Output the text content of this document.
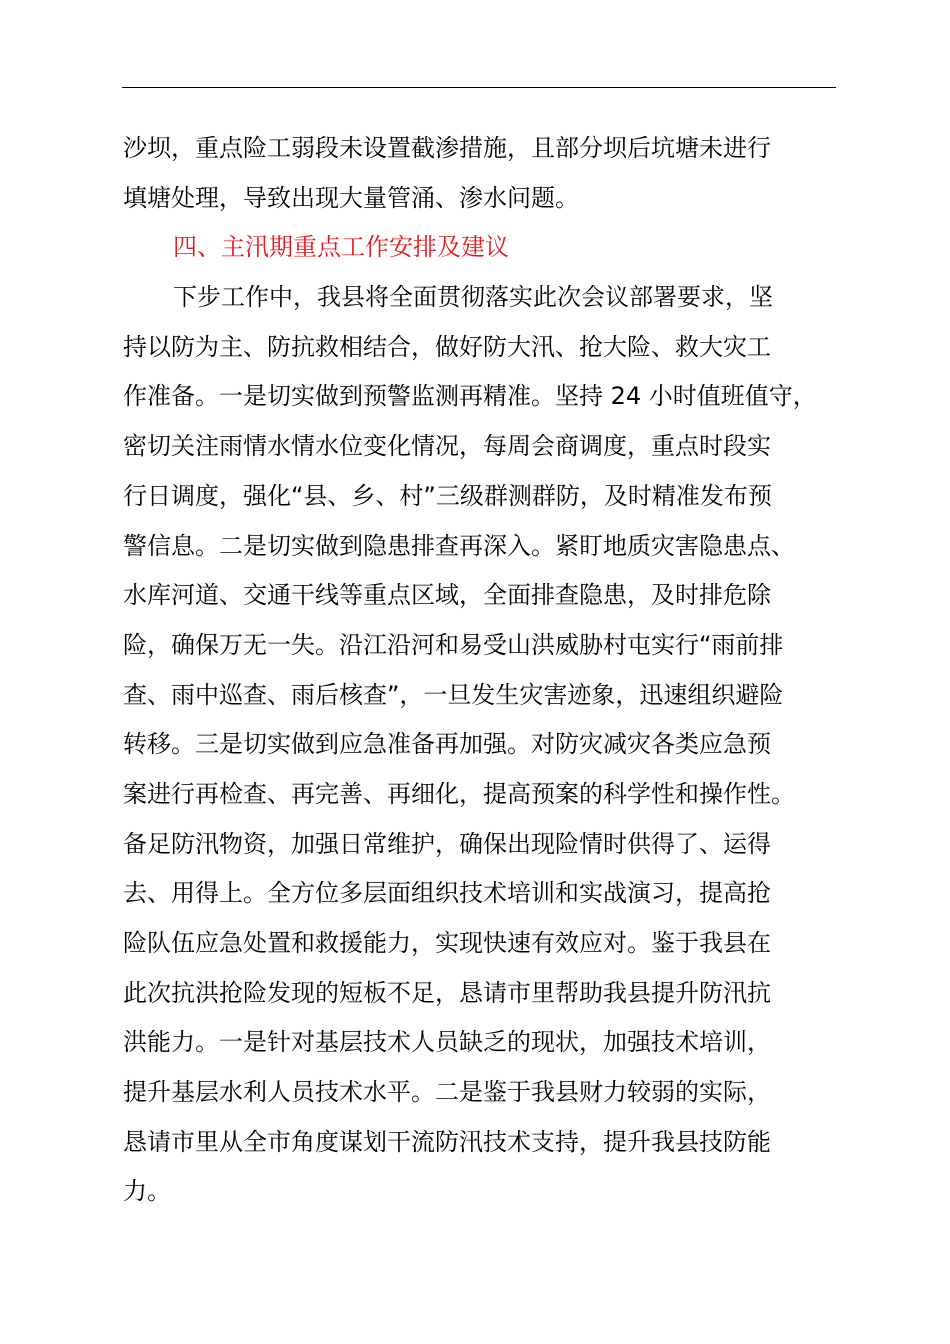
沙坝，重点险工弱段未设置截渗措施，且部分坝后坑塘未进行
填塘处理，导致出现大量管涌、渗水问题。
四、主汛期重点工作安排及建议
下步工作中，我县将全面贯彻落实此次会议部署要求，坚
持以防为主、防抗救相结合，做好防大汛、抢大险、救大灾工
作准备。一是切实做到预警监测再精准。坚持 24 小时值班值守，
密切关注雨情水情水位变化情况，每周会商调度，重点时段实
行日调度，强化“县、乡、村”三级群测群防，及时精准发布预
警信息。二是切实做到隐患排查再深入。紧盯地质灾害隐患点、
水库河道、交通干线等重点区域，全面排查隐患，及时排危除
险，确保万无一失。沿江沿河和易受山洪威胁村屯实行“雨前排
查、雨中巡查、雨后核查”，一旦发生灾害迹象，迅速组织避险
转移。三是切实做到应急准备再加强。对防灾减灾各类应急预
案进行再检查、再完善、再细化，提高预案的科学性和操作性。
备足防汛物资，加强日常维护，确保出现险情时供得了、运得
去、用得上。全方位多层面组织技术培训和实战演习，提高抢
险队伍应急处置和救援能力，实现快速有效应对。鉴于我县在
此次抗洪抢险发现的短板不足，恳请市里帮助我县提升防汛抗
洪能力。一是针对基层技术人员缺乏的现状，加强技术培训，
提升基层水利人员技术水平。二是鉴于我县财力较弱的实际，
恳请市里从全市角度谋划干流防汛技术支持，提升我县技防能
力。
